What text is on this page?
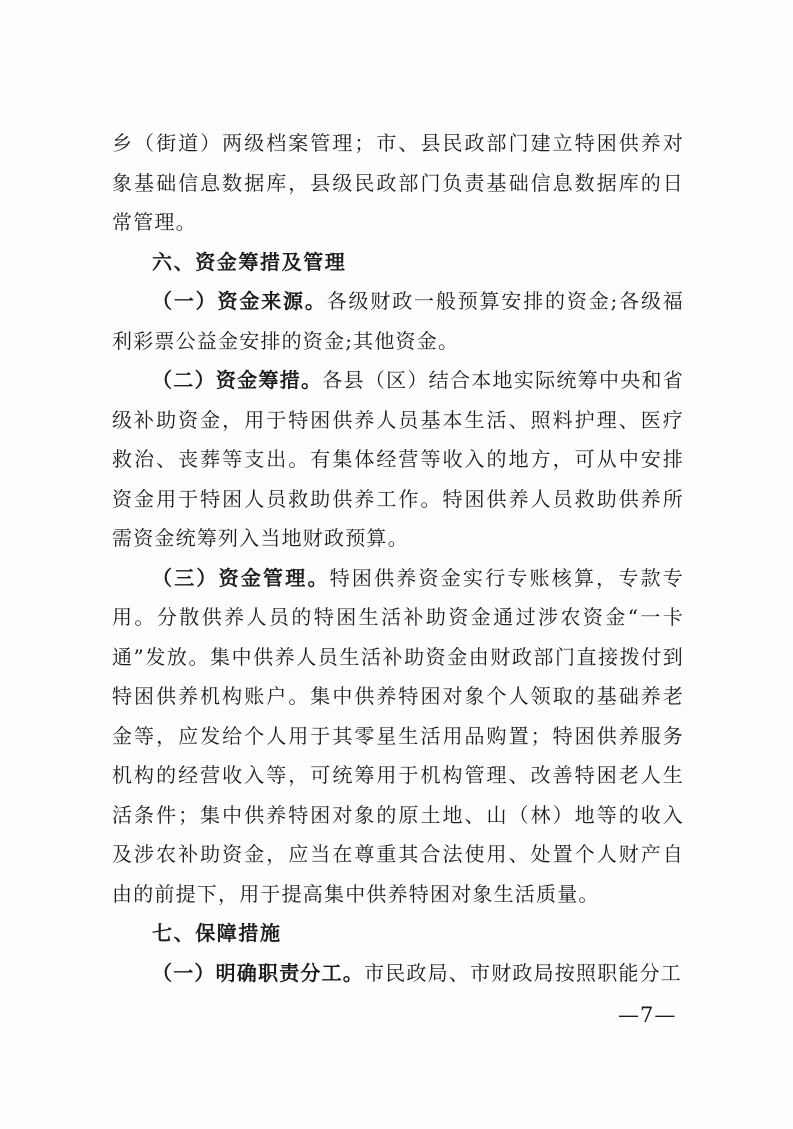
乡（街道）两级档案管理；市、县民政部门建立特困供养对象基础信息数据库，县级民政部门负责基础信息数据库的日常管理。

六、资金筹措及管理

（一）资金来源。各级财政一般预算安排的资金;各级福利彩票公益金安排的资金;其他资金。

（二）资金筹措。各县（区）结合本地实际统筹中央和省级补助资金，用于特困供养人员基本生活、照料护理、医疗救治、丧葬等支出。有集体经营等收入的地方，可从中安排资金用于特困人员救助供养工作。特困供养人员救助供养所需资金统筹列入当地财政预算。

（三）资金管理。特困供养资金实行专账核算，专款专用。分散供养人员的特困生活补助资金通过涉农资金“一卡通”发放。集中供养人员生活补助资金由财政部门直接拨付到特困供养机构账户。集中供养特困对象个人领取的基础养老金等，应发给个人用于其零星生活用品购置；特困供养服务机构的经营收入等，可统筹用于机构管理、改善特困老人生活条件；集中供养特困对象的原土地、山（林）地等的收入及涉农补助资金，应当在尊重其合法使用、处置个人财产自由的前提下，用于提高集中供养特困对象生活质量。

七、保障措施

（一）明确职责分工。市民政局、市财政局按照职能分工

—7—
